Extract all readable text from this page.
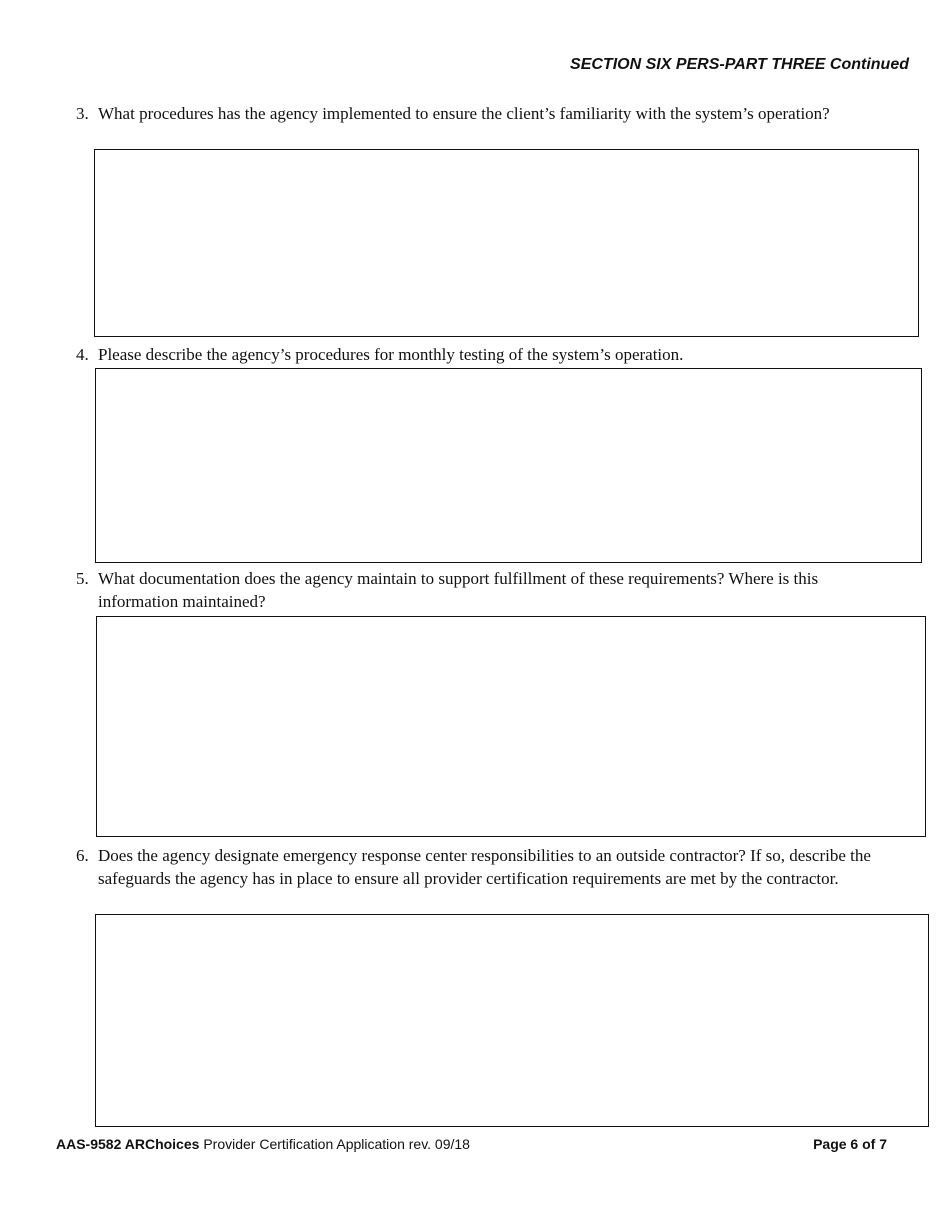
SECTION SIX PERS-PART THREE Continued
3. What procedures has the agency implemented to ensure the client’s familiarity with the system’s operation?
4. Please describe the agency’s procedures for monthly testing of the system’s operation.
5. What documentation does the agency maintain to support fulfillment of these requirements? Where is this information maintained?
6. Does the agency designate emergency response center responsibilities to an outside contractor? If so, describe the safeguards the agency has in place to ensure all provider certification requirements are met by the contractor.
AAS-9582 ARChoices Provider Certification Application rev. 09/18	Page 6 of 7
